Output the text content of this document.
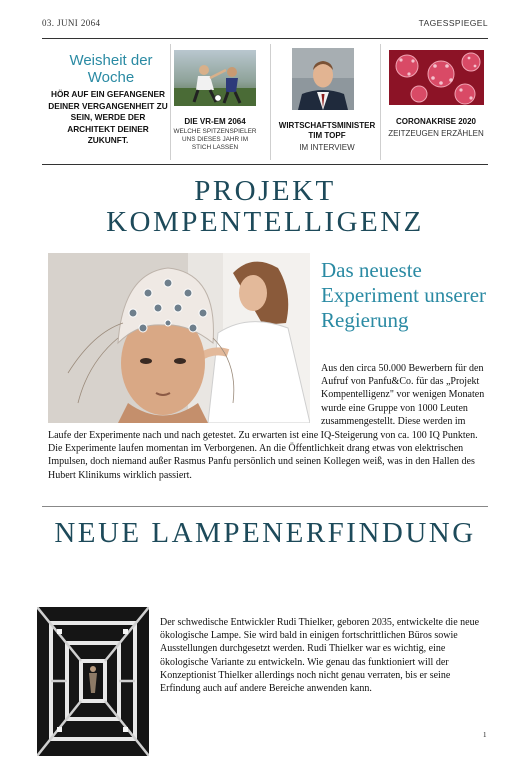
03. JUNI 2064	TAGESSPIEGEL
Weisheit der Woche
HÖR AUF EIN GEFANGENER DEINER VERGANGENHEIT ZU SEIN, WERDE DER ARCHITEKT DEINER ZUKUNFT.
DIE VR-EM 2064
WELCHE SPITZENSPIELER UNS DIESES JAHR IM STICH LASSEN
WIRTSCHAFTSMINISTER TIM TOPF
IM INTERVIEW
CORONAKRISE 2020
ZEITZEUGEN ERZÄHLEN
PROJEKT KOMPENTELLIGENZ
Das neueste Experiment unserer Regierung
Aus den circa 50.000 Bewerbern für den Aufruf von Panfu&Co. für das „Projekt Kompentelligenz" vor wenigen Monaten wurde eine Gruppe von 1000 Leuten zusammengestellt. Diese werden im
Laufe der Experimente nach und nach getestet. Zu erwarten ist eine IQ-Steigerung von ca. 100 IQ Punkten. Die Experimente laufen momentan im Verborgenen. An die Öffentlichkeit drang etwas von elektrischen Impulsen, doch niemand außer Rasmus Panfu persönlich und seinen Kollegen weiß, was in den Hallen des Hubert Klinikums wirklich passiert.
NEUE LAMPENERFINDUNG
Der schwedische Entwickler Rudi Thielker, geboren 2035, entwickelte die neue ökologische Lampe. Sie wird bald in einigen fortschrittlichen Büros sowie Ausstellungen durchgesetzt werden. Rudi Thielker war es wichtig, eine ökologische Variante zu entwickeln. Wie genau das funktioniert will der Konzeptionist Thielker allerdings noch nicht genau verraten, bis er seine Erfindung auch auf andere Bereiche anwenden kann.
1
